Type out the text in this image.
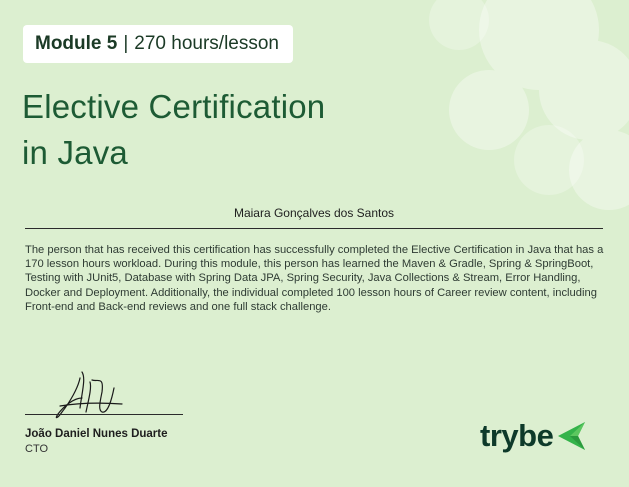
Module 5 | 270 hours/lesson
Elective Certification
in Java
Maiara Gonçalves dos Santos
The person that has received this certification has successfully completed the Elective Certification in Java that has a 170 lesson hours workload. During this module, this person has learned the Maven & Gradle, Spring & SpringBoot, Testing with JUnit5, Database with Spring Data JPA, Spring Security, Java Collections & Stream, Error Handling, Docker and Deployment. Additionally, the individual completed 100 lesson hours of Career review content, including Front-end and Back-end reviews and one full stack challenge.
João Daniel Nunes Duarte
CTO	trybe
